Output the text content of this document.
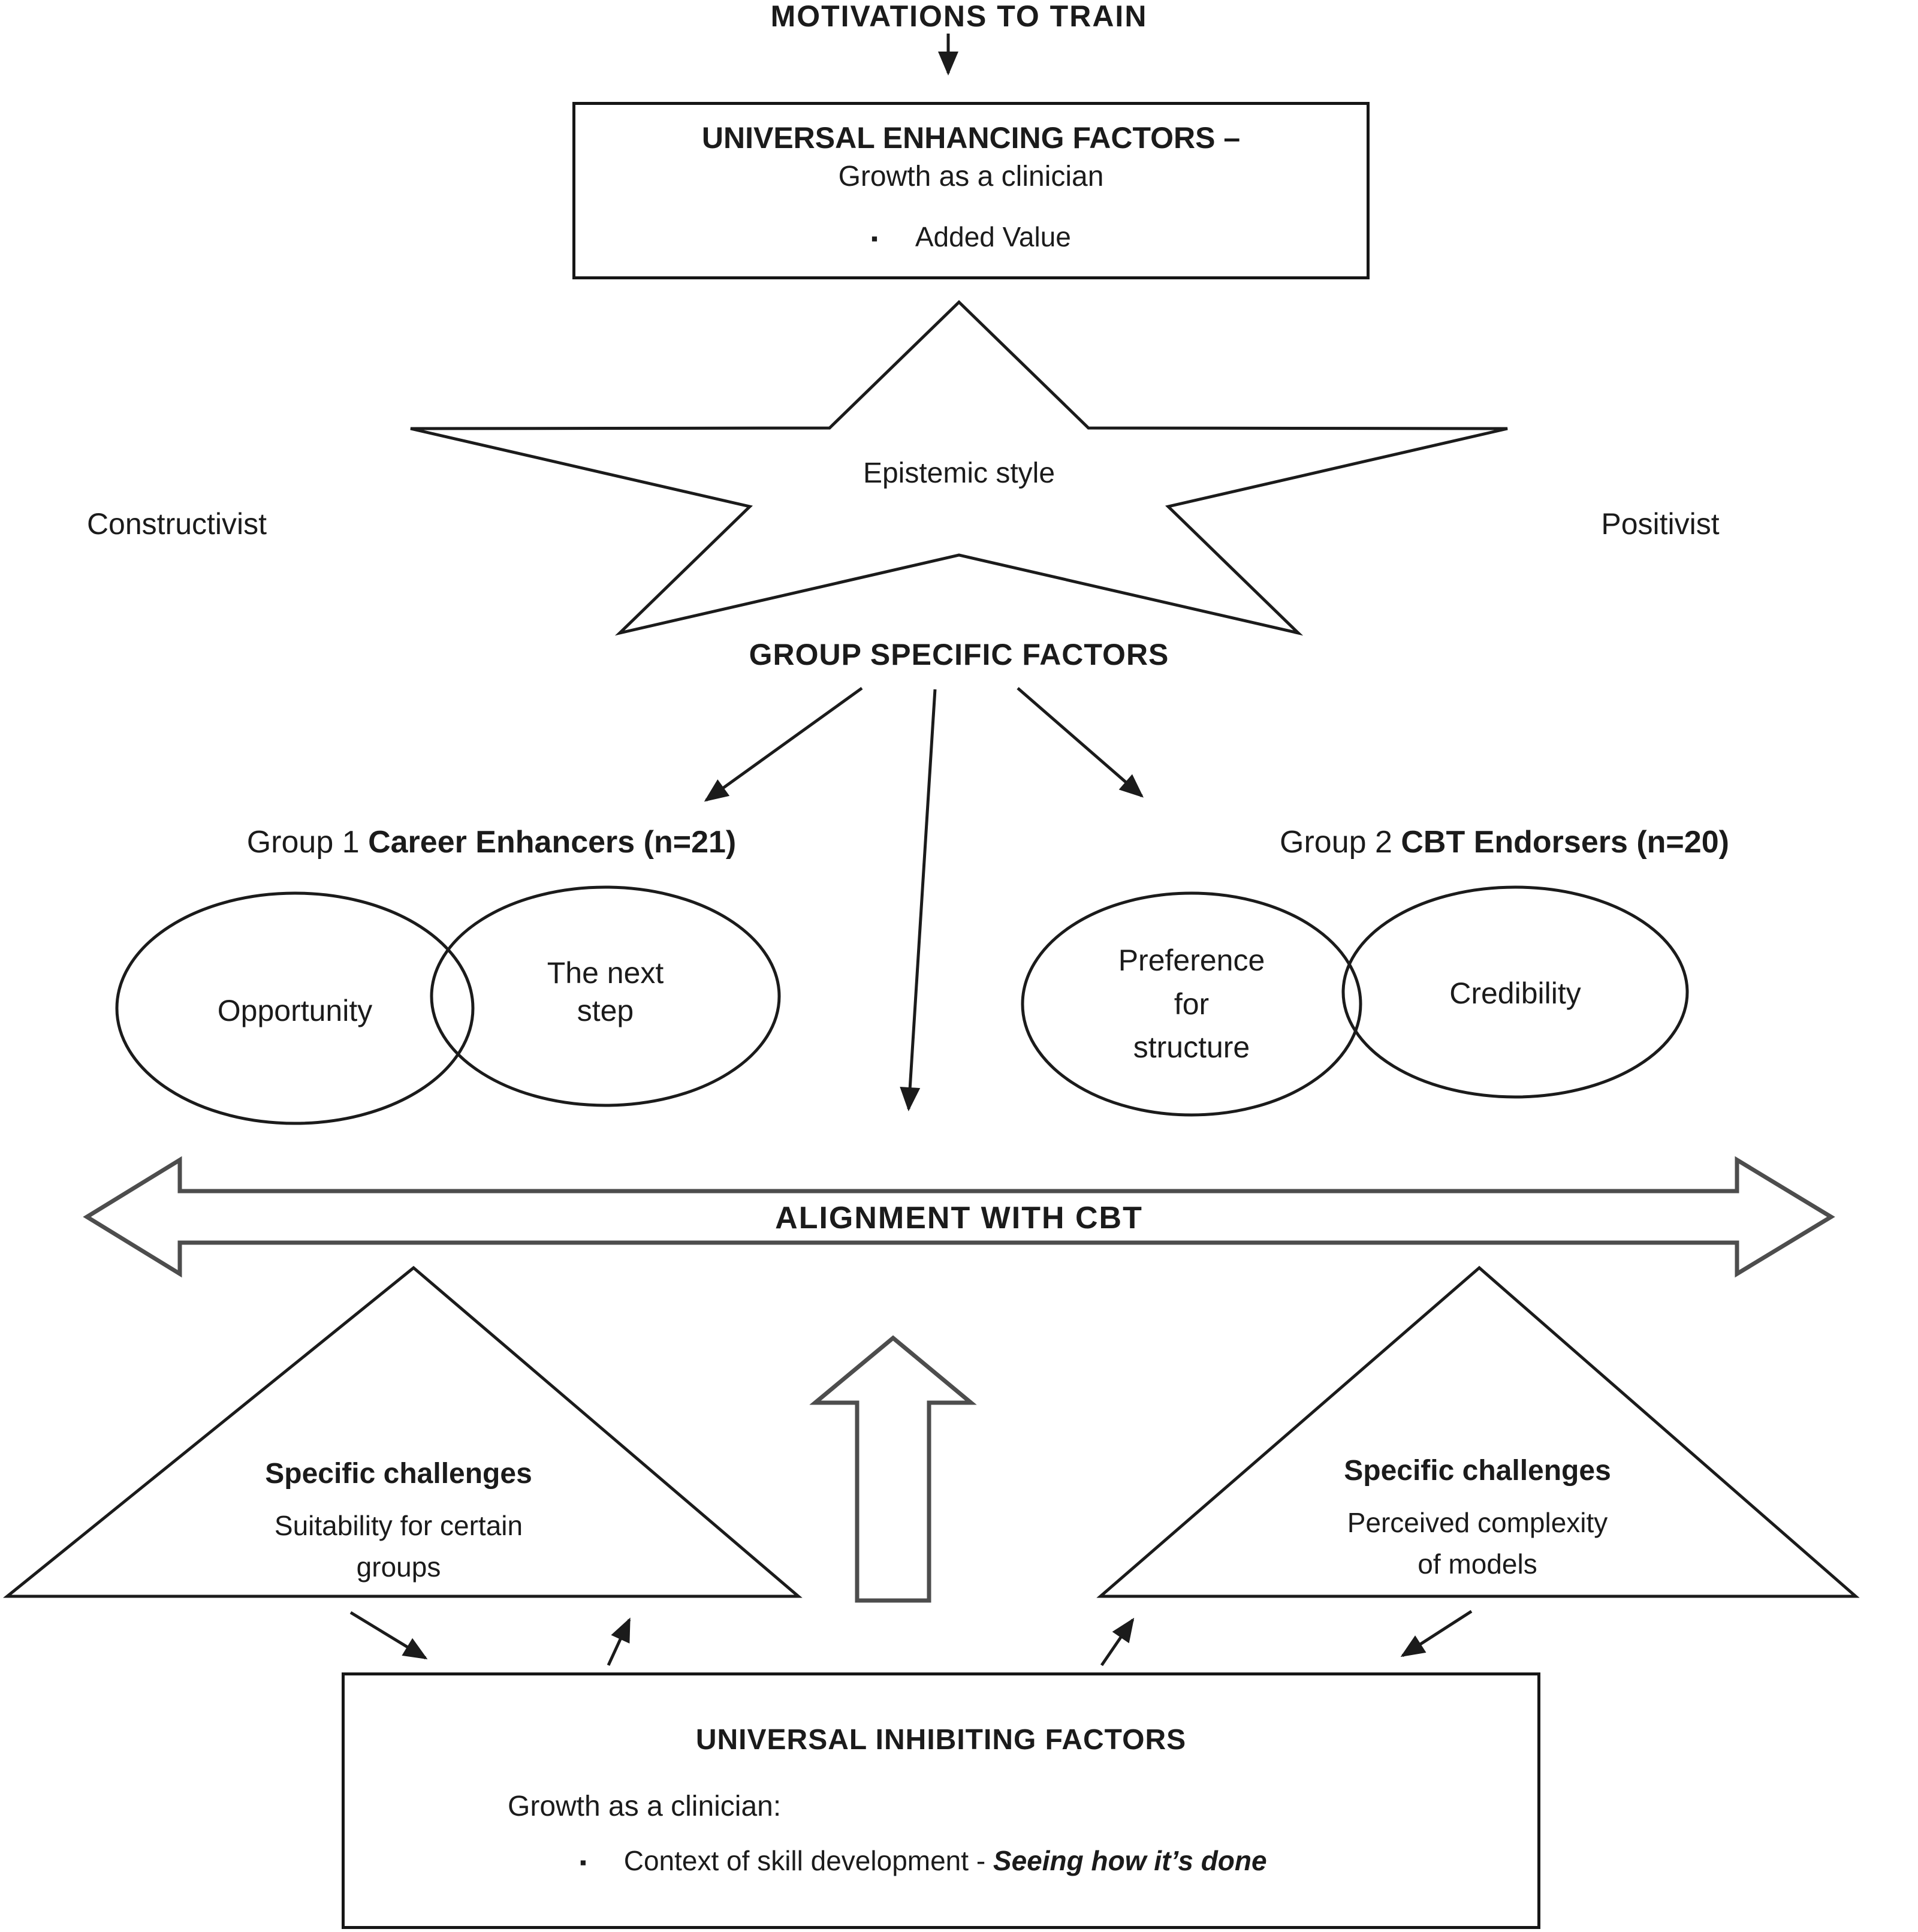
MOTIVATIONS TO TRAIN
UNIVERSAL ENHANCING FACTORS –
Growth as a clinician
▪ Added Value
Constructivist	Positivist
Epistemic style
GROUP SPECIFIC FACTORS
Group 1 Career Enhancers (n=21)	Group 2 CBT Endorsers (n=20)
Opportunity
The next
step
Preference
for
structure
Credibility
ALIGNMENT WITH CBT
Specific challenges
Suitability for certain
groups
Specific challenges
Perceived complexity
of models
UNIVERSAL INHIBITING FACTORS
Growth as a clinician:
▪ Context of skill development - Seeing how it’s done
